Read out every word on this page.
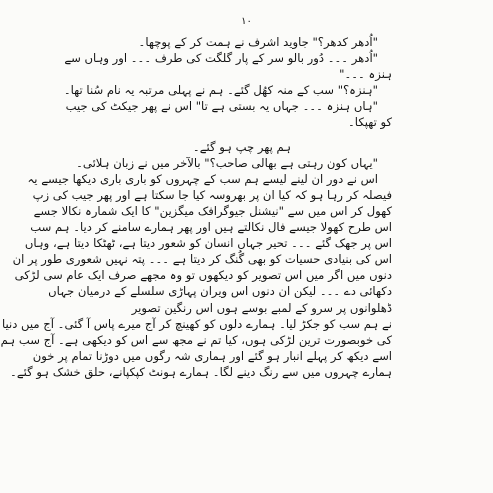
۱۰
"اُدھر کدھر؟" جاوید اشرف نے ہمت کر کے پوچھا۔
"اُدھر ۔۔۔ دُور بالو سر کے پار گلگت کی طرف ۔۔۔ اور وہاں سے
ہنزہ ۔۔۔"
"ہنزہ؟" سب کے منہ کھُل گئے۔ ہم نے پہلی مرتبہ یہ نام سُنا تھا۔
"ہاں ہنزہ ۔۔۔ جہاں یہ بستی ہے تا" اس نے پھر جیکٹ کی جیب
کو تھپکا۔
ہم پھر چپ ہو گئے۔
"یہاں کون رہتی ہے بھالی صاحب؟" بالآخر میں نے زبان ہلائی۔
اس نے دور ان لینے لیسے ہم سب کے چہروں کو باری باری دیکھا جیسے یہ
فیصلہ کر رہا ہو کہ کیا ان پر بھروسہ کیا جا سکتا ہے اور پھر جیب کی زپ
کھول کر اس میں سے "نیشنل جیوگرافک میگزین" کا ایک شمارہ نکالا جسے
اس طرح کھولا جیسے فال نکالتے ہیں اور پھر ہمارے سامنے کر دیا۔ ہم سب
اس پر جھک گئے ۔۔۔ تحیر جہاں انسان کو شعور دیتا ہے، ٹھٹکا دیتا ہے، وہاں
اس کی بنیادی حسیات کو بھی گُنگ کر دیتا ہے ۔۔۔ پتہ نہیں شعوری طور پر ان
دنوں میں اگر میں اس تصویر کو دیکھوں تو وہ مجھے صرف ایک عام سی لڑکی
دکھائی دے ۔۔۔ لیکن ان دنوں اس ویران پہاڑی سلسلے کے درمیان جہاں
ڈھلوانوں پر سرو کے لمبے بوسے ہوں اس رنگین تصویر
نے ہم سب کو جکڑ لیا۔ ہمارے دلوں کو کھینچ کر آج میرے پاس آ گئی۔ آج میں دنیا
کی خوبصورت ترین لڑکی ہوں، کیا تم نے مجھ سے اس کو دیکھی ہے۔ آج سب ہم
اسے دیکھ کر پہلے انبار ہو گئے اور ہماری شہ رگوں میں دوڑنا تمام پر خون
ہمارے چہروں میں سے رنگ دینے لگا۔ ہمارے ہونٹ کپکپانے، حلق خشک ہو گئے۔
